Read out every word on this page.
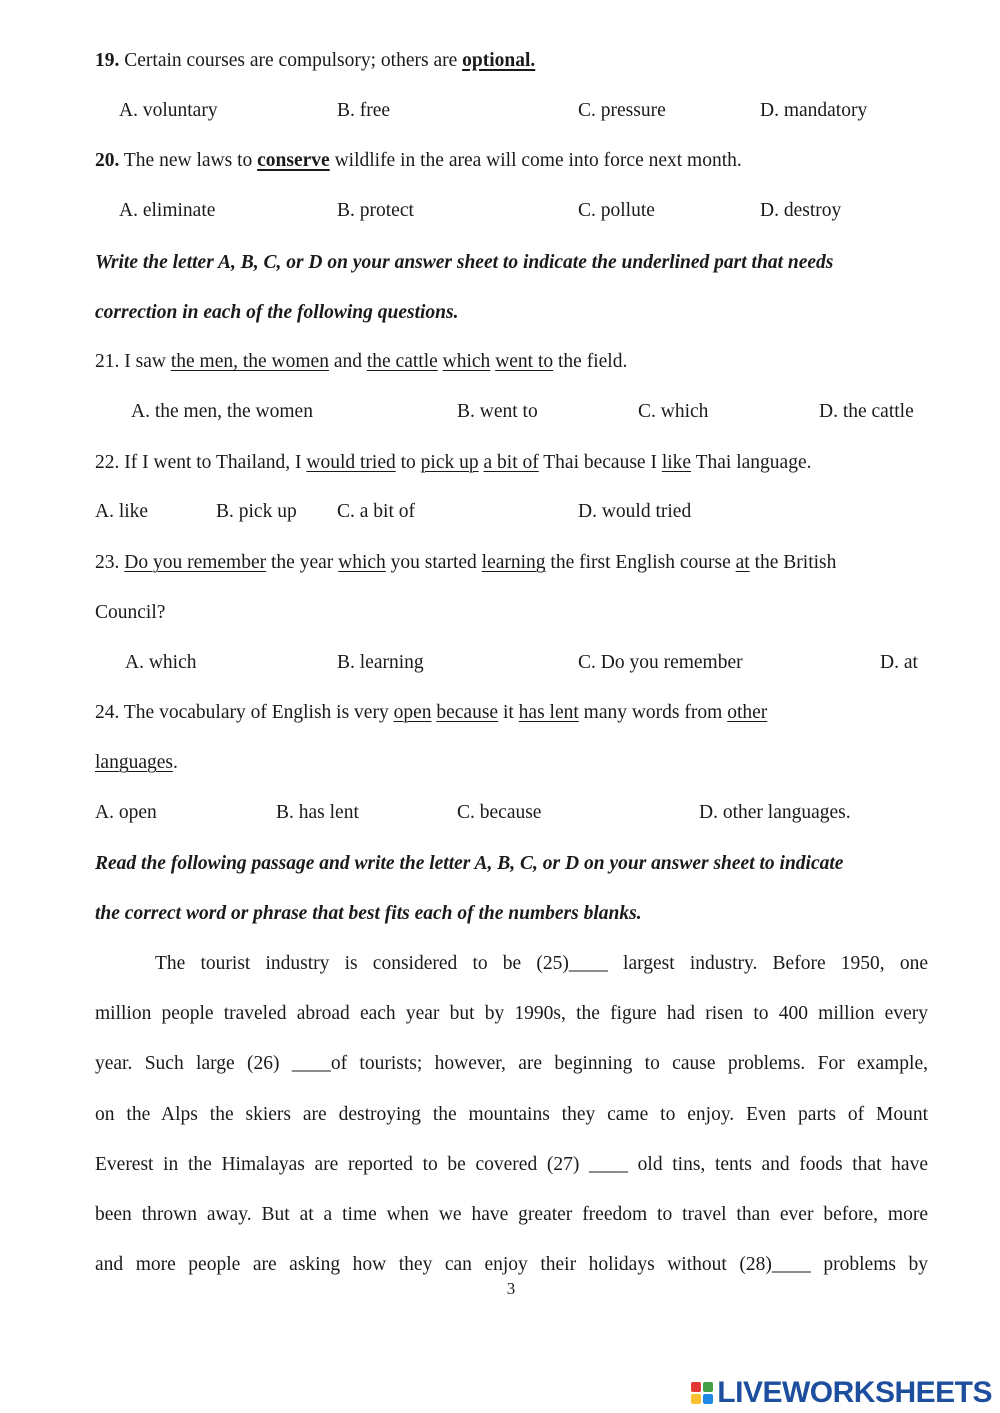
19. Certain courses are compulsory; others are optional.
A. voluntary	B. free	C. pressure	D. mandatory
20. The new laws to conserve wildlife in the area will come into force next month.
A. eliminate	B. protect	C. pollute	D. destroy
Write the letter A, B, C, or D on your answer sheet to indicate the underlined part that needs
correction in each of the following questions.
21. I saw the men, the women and the cattle which went to the field.
A. the men, the women	B. went to	C. which	D. the cattle
22. If I went to Thailand, I would tried to pick up a bit of Thai because I like Thai language.
A. like	B. pick up C. a bit of	D. would tried
23. Do you remember the year which you started learning the first English course at the British
Council?
A. which	B. learning	C. Do you remember	D. at
24. The vocabulary of English is very open because it has lent many words from other
languages.
A. open	B. has lent	C. because	D. other languages.
Read the following passage and write the letter A, B, C, or D on your answer sheet to indicate
the correct word or phrase that best fits each of the numbers blanks.
The tourist industry is considered to be (25)____ largest industry. Before 1950, one
million people traveled abroad each year but by 1990s, the figure had risen to 400 million every
year. Such large (26) ____of tourists; however, are beginning to cause problems. For example,
on the Alps the skiers are destroying the mountains they came to enjoy. Even parts of Mount
Everest in the Himalayas are reported to be covered (27) ____ old tins, tents and foods that have
been thrown away. But at a time when we have greater freedom to travel than ever before, more
and more people are asking how they can enjoy their holidays without (28)____ problems by
3
LIVEWORKSHEETS
